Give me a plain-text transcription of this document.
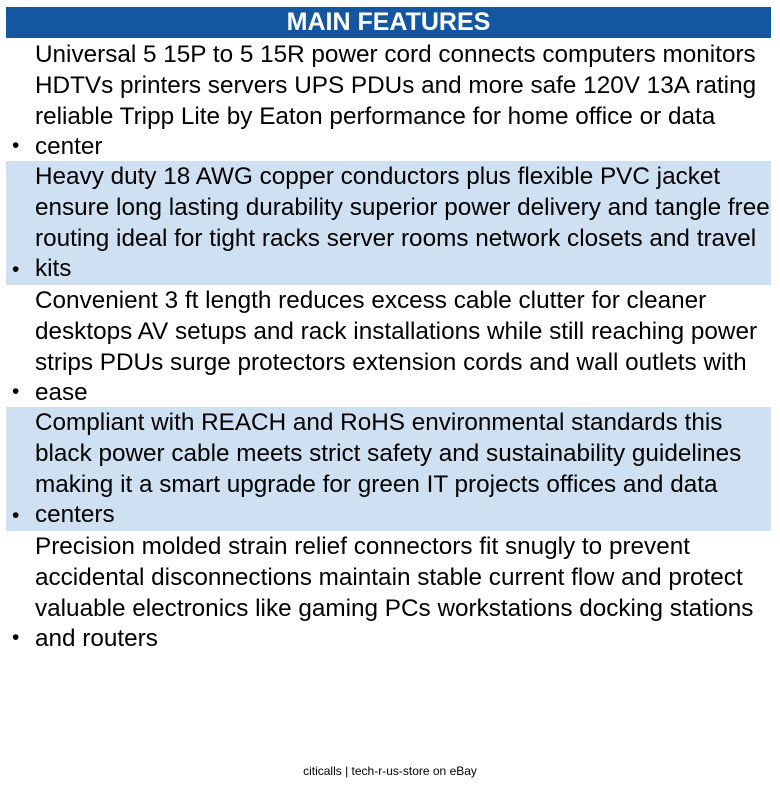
MAIN FEATURES
•
Universal 5 15P to 5 15R power cord connects computers monitors HDTVs printers servers UPS PDUs and more safe 120V 13A rating reliable Tripp Lite by Eaton performance for home office or data center
•
Heavy duty 18 AWG copper conductors plus flexible PVC jacket ensure long lasting durability superior power delivery and tangle free routing ideal for tight racks server rooms network closets and travel kits
•
Convenient 3 ft length reduces excess cable clutter for cleaner desktops AV setups and rack installations while still reaching power strips PDUs surge protectors extension cords and wall outlets with ease
•
Compliant with REACH and RoHS environmental standards this black power cable meets strict safety and sustainability guidelines making it a smart upgrade for green IT projects offices and data centers
•
Precision molded strain relief connectors fit snugly to prevent accidental disconnections maintain stable current flow and protect valuable electronics like gaming PCs workstations docking stations and routers
citicalls | tech-r-us-store on eBay
